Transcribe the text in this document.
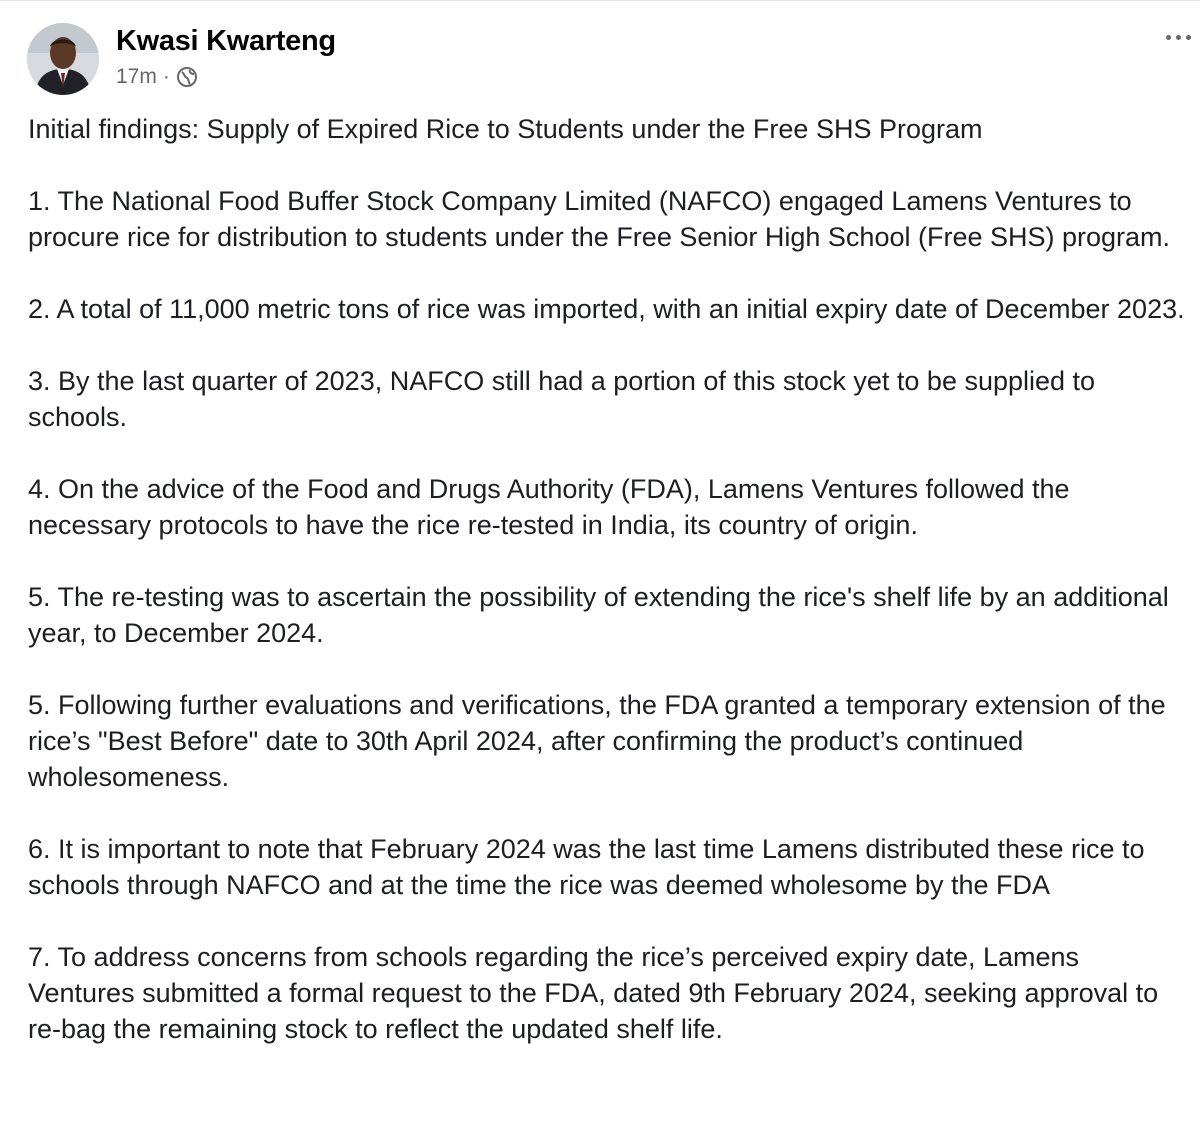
Kwasi Kwarteng
17m ·

Initial findings: Supply of Expired Rice to Students under the Free SHS Program

1. The National Food Buffer Stock Company Limited (NAFCO) engaged Lamens Ventures to procure rice for distribution to students under the Free Senior High School (Free SHS) program.

2. A total of 11,000 metric tons of rice was imported, with an initial expiry date of December 2023.

3. By the last quarter of 2023, NAFCO still had a portion of this stock yet to be supplied to schools.

4. On the advice of the Food and Drugs Authority (FDA), Lamens Ventures followed the necessary protocols to have the rice re-tested in India, its country of origin.

5. The re-testing was to ascertain the possibility of extending the rice's shelf life by an additional year, to December 2024.

5. Following further evaluations and verifications, the FDA granted a temporary extension of the rice’s "Best Before" date to 30th April 2024, after confirming the product’s continued wholesomeness.

6. It is important to note that February 2024 was the last time Lamens distributed these rice to schools through NAFCO and at the time the rice was deemed wholesome by the FDA

7. To address concerns from schools regarding the rice’s perceived expiry date, Lamens Ventures submitted a formal request to the FDA, dated 9th February 2024, seeking approval to re-bag the remaining stock to reflect the updated shelf life.
